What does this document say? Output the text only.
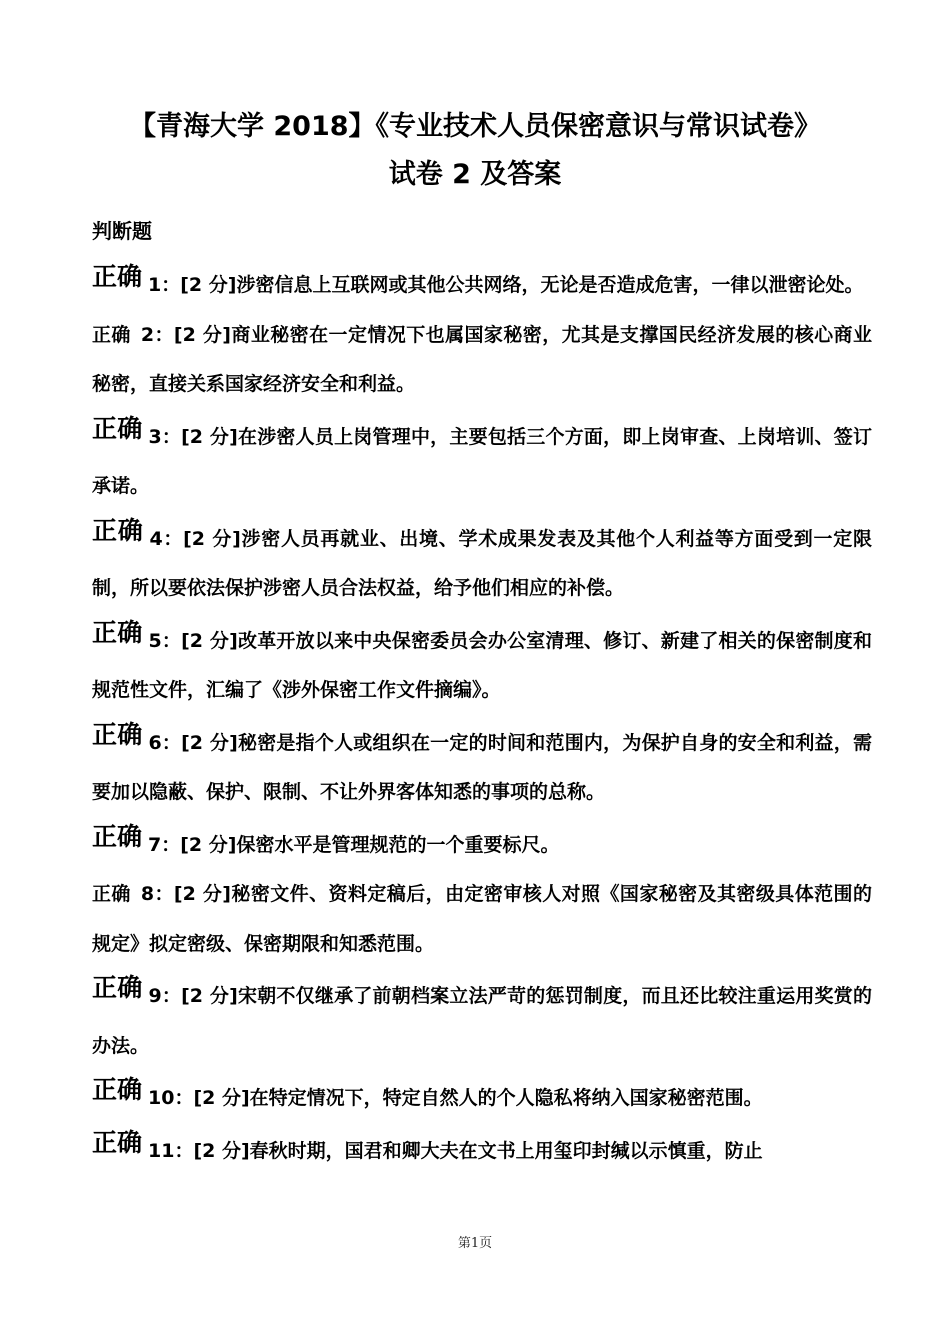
【青海大学 2018】《专业技术人员保密意识与常识试卷》
试卷 2 及答案
判断题
正确 1：[2 分]涉密信息上互联网或其他公共网络，无论是否造成危害，一律以泄密论处。
正确 2：[2 分]商业秘密在一定情况下也属国家秘密，尤其是支撑国民经济发展的核心商业秘密，直接关系国家经济安全和利益。
正确 3：[2 分]在涉密人员上岗管理中，主要包括三个方面，即上岗审查、上岗培训、签订承诺。
正确 4：[2 分]涉密人员再就业、出境、学术成果发表及其他个人利益等方面受到一定限制，所以要依法保护涉密人员合法权益，给予他们相应的补偿。
正确 5：[2 分]改革开放以来中央保密委员会办公室清理、修订、新建了相关的保密制度和规范性文件，汇编了《涉外保密工作文件摘编》。
正确 6：[2 分]秘密是指个人或组织在一定的时间和范围内，为保护自身的安全和利益，需要加以隐蔽、保护、限制、不让外界客体知悉的事项的总称。
正确 7：[2 分]保密水平是管理规范的一个重要标尺。
正确 8：[2 分]秘密文件、资料定稿后，由定密审核人对照《国家秘密及其密级具体范围的规定》拟定密级、保密期限和知悉范围。
正确 9：[2 分]宋朝不仅继承了前朝档案立法严苛的惩罚制度，而且还比较注重运用奖赏的办法。
正确 10：[2 分]在特定情况下，特定自然人的个人隐私将纳入国家秘密范围。
正确 11：[2 分]春秋时期，国君和卿大夫在文书上用玺印封缄以示慎重，防止
第1页
